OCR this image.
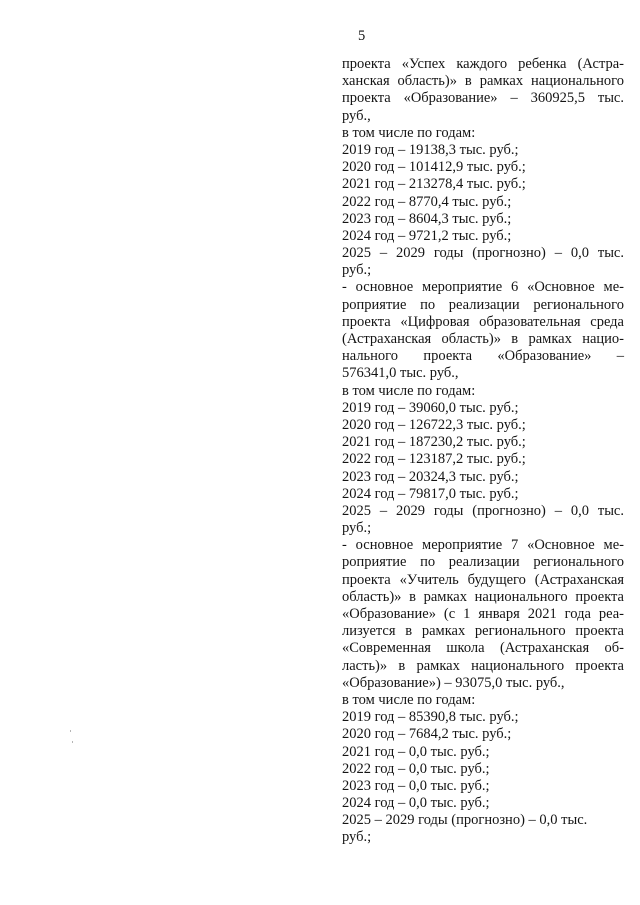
5
проекта «Успех каждого ребенка (Астра-
ханская область)» в рамках национального
проекта «Образование» – 360925,5 тыс.
руб.,
в том числе по годам:
2019 год – 19138,3 тыс. руб.;
2020 год – 101412,9 тыс. руб.;
2021 год – 213278,4 тыс. руб.;
2022 год – 8770,4 тыс. руб.;
2023 год – 8604,3 тыс. руб.;
2024 год – 9721,2 тыс. руб.;
2025 – 2029 годы (прогнозно) – 0,0 тыс.
руб.;
- основное мероприятие 6 «Основное ме-
роприятие по реализации регионального
проекта «Цифровая образовательная среда
(Астраханская область)» в рамках нацио-
нального проекта «Образование» –
576341,0 тыс. руб.,
в том числе по годам:
2019 год – 39060,0 тыс. руб.;
2020 год – 126722,3 тыс. руб.;
2021 год – 187230,2 тыс. руб.;
2022 год – 123187,2 тыс. руб.;
2023 год – 20324,3 тыс. руб.;
2024 год – 79817,0 тыс. руб.;
2025 – 2029 годы (прогнозно) – 0,0 тыс.
руб.;
- основное мероприятие 7 «Основное ме-
роприятие по реализации регионального
проекта «Учитель будущего (Астраханская
область)» в рамках национального проекта
«Образование» (с 1 января 2021 года реа-
лизуется в рамках регионального проекта
«Современная школа (Астраханская об-
ласть)» в рамках национального проекта
«Образование») – 93075,0 тыс. руб.,
в том числе по годам:
2019 год – 85390,8 тыс. руб.;
2020 год – 7684,2 тыс. руб.;
2021 год – 0,0 тыс. руб.;
2022 год – 0,0 тыс. руб.;
2023 год – 0,0 тыс. руб.;
2024 год – 0,0 тыс. руб.;
2025 – 2029 годы (прогнозно) – 0,0 тыс.
руб.;
